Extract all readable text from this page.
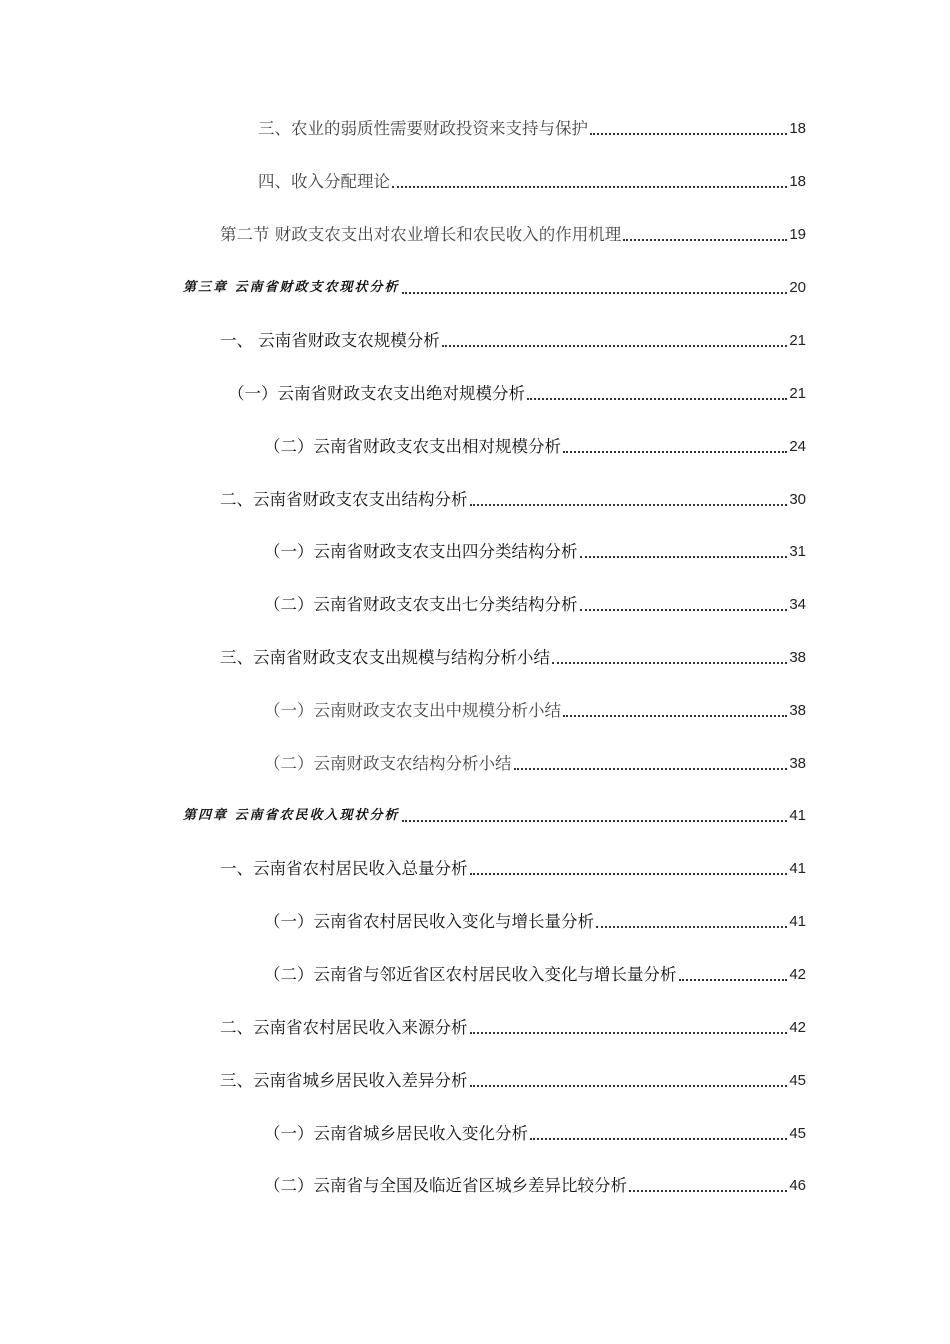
三、农业的弱质性需要财政投资来支持与保护	18
四、收入分配理论	18
第二节 财政支农支出对农业增长和农民收入的作用机理	19
第三章 云南省财政支农现状分析	20
一、 云南省财政支农规模分析	21
（一）云南省财政支农支出绝对规模分析	21
（二）云南省财政支农支出相对规模分析	24
二、云南省财政支农支出结构分析	30
（一）云南省财政支农支出四分类结构分析	31
（二）云南省财政支农支出七分类结构分析	34
三、云南省财政支农支出规模与结构分析小结	38
（一）云南财政支农支出中规模分析小结	38
（二）云南财政支农结构分析小结	38
第四章 云南省农民收入现状分析	41
一、云南省农村居民收入总量分析	41
（一）云南省农村居民收入变化与增长量分析	41
（二）云南省与邻近省区农村居民收入变化与增长量分析	42
二、云南省农村居民收入来源分析	42
三、云南省城乡居民收入差异分析	45
（一）云南省城乡居民收入变化分析	45
（二）云南省与全国及临近省区城乡差异比较分析	46
